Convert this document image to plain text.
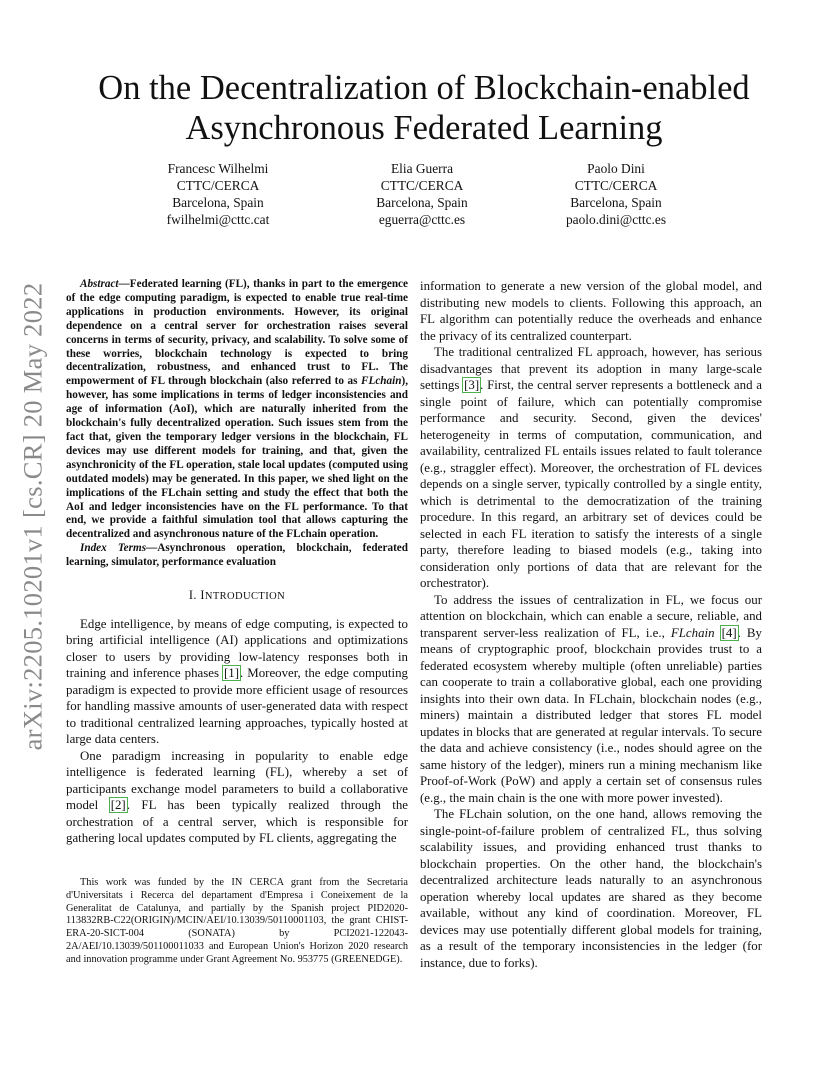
arXiv:2205.10201v1 [cs.CR] 20 May 2022
On the Decentralization of Blockchain-enabled Asynchronous Federated Learning
Francesc Wilhelmi
CTTC/CERCA
Barcelona, Spain
fwilhelmi@cttc.cat
Elia Guerra
CTTC/CERCA
Barcelona, Spain
eguerra@cttc.es
Paolo Dini
CTTC/CERCA
Barcelona, Spain
paolo.dini@cttc.es

Abstract—Federated learning (FL), thanks in part to the emergence of the edge computing paradigm, is expected to enable true real-time applications in production environments. However, its original dependence on a central server for orchestration raises several concerns in terms of security, privacy, and scalability. To solve some of these worries, blockchain technology is expected to bring decentralization, robustness, and enhanced trust to FL. The empowerment of FL through blockchain (also referred to as FLchain), however, has some implications in terms of ledger inconsistencies and age of information (AoI), which are naturally inherited from the blockchain's fully decentralized operation. Such issues stem from the fact that, given the temporary ledger versions in the blockchain, FL devices may use different models for training, and that, given the asynchronicity of the FL operation, stale local updates (computed using outdated models) may be generated. In this paper, we shed light on the implications of the FLchain setting and study the effect that both the AoI and ledger inconsistencies have on the FL performance. To that end, we provide a faithful simulation tool that allows capturing the decentralized and asynchronous nature of the FLchain operation.

Index Terms—Asynchronous operation, blockchain, federated learning, simulator, performance evaluation

I. INTRODUCTION

Edge intelligence, by means of edge computing, is expected to bring artificial intelligence (AI) applications and optimizations closer to users by providing low-latency responses both in training and inference phases [1]. Moreover, the edge computing paradigm is expected to provide more efficient usage of resources for handling massive amounts of user-generated data with respect to traditional centralized learning approaches, typically hosted at large data centers.

One paradigm increasing in popularity to enable edge intelligence is federated learning (FL), whereby a set of participants exchange model parameters to build a collaborative model [2]. FL has been typically realized through the orchestration of a central server, which is responsible for gathering local updates computed by FL clients, aggregating the

This work was funded by the IN CERCA grant from the Secretaria d'Universitats i Recerca del departament d'Empresa i Coneixement de la Generalitat de Catalunya, and partially by the Spanish project PID2020-113832RB-C22(ORIGIN)/MCIN/AEI/10.13039/50110001103, the grant CHIST-ERA-20-SICT-004 (SONATA) by PCI2021-122043-2A/AEI/10.13039/501100011033 and European Union's Horizon 2020 research and innovation programme under Grant Agreement No. 953775 (GREENEDGE).

information to generate a new version of the global model, and distributing new models to clients. Following this approach, an FL algorithm can potentially reduce the overheads and enhance the privacy of its centralized counterpart.

The traditional centralized FL approach, however, has serious disadvantages that prevent its adoption in many large-scale settings [3]. First, the central server represents a bottleneck and a single point of failure, which can potentially compromise performance and security. Second, given the devices' heterogeneity in terms of computation, communication, and availability, centralized FL entails issues related to fault tolerance (e.g., straggler effect). Moreover, the orchestration of FL devices depends on a single server, typically controlled by a single entity, which is detrimental to the democratization of the training procedure. In this regard, an arbitrary set of devices could be selected in each FL iteration to satisfy the interests of a single party, therefore leading to biased models (e.g., taking into consideration only portions of data that are relevant for the orchestrator).

To address the issues of centralization in FL, we focus our attention on blockchain, which can enable a secure, reliable, and transparent server-less realization of FL, i.e., FLchain [4]. By means of cryptographic proof, blockchain provides trust to a federated ecosystem whereby multiple (often unreliable) parties can cooperate to train a collaborative global, each one providing insights into their own data. In FLchain, blockchain nodes (e.g., miners) maintain a distributed ledger that stores FL model updates in blocks that are generated at regular intervals. To secure the data and achieve consistency (i.e., nodes should agree on the same history of the ledger), miners run a mining mechanism like Proof-of-Work (PoW) and apply a certain set of consensus rules (e.g., the main chain is the one with more power invested).

The FLchain solution, on the one hand, allows removing the single-point-of-failure problem of centralized FL, thus solving scalability issues, and providing enhanced trust thanks to blockchain properties. On the other hand, the blockchain's decentralized architecture leads naturally to an asynchronous operation whereby local updates are shared as they become available, without any kind of coordination. Moreover, FL devices may use potentially different global models for training, as a result of the temporary inconsistencies in the ledger (for instance, due to forks).
